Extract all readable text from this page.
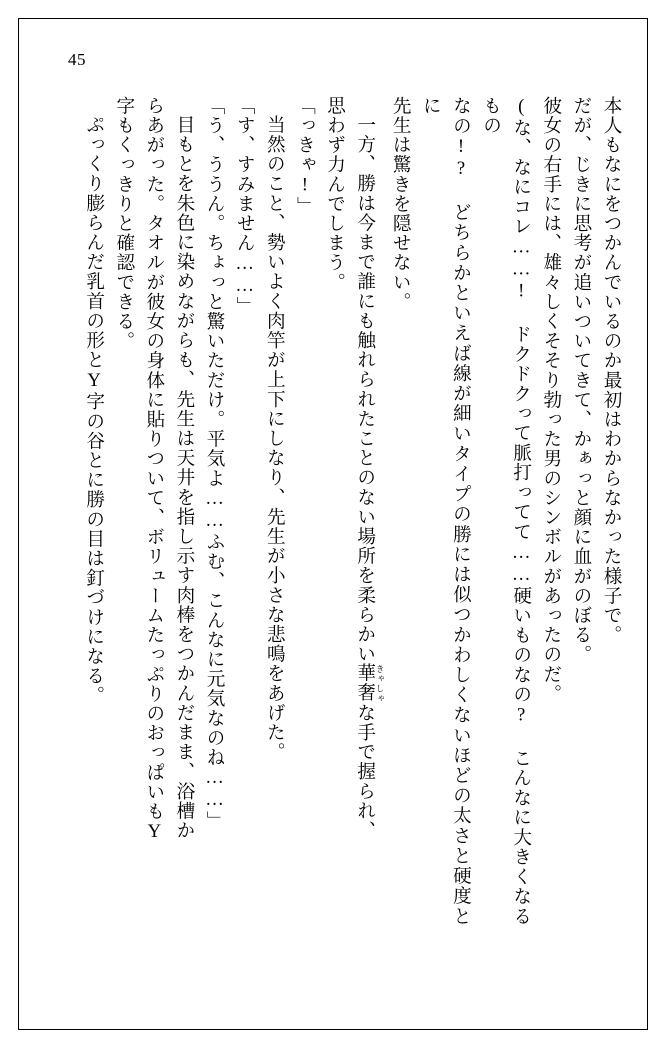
45

本人もなにをつかんでいるのか最初はわからなかった様子で。

だが、じきに思考が追いついてきて、かぁっと顔に血がのぼる。

彼女の右手には、雄々しくそそり勃った男のシンボルがあったのだ。

(な、なにコレ……! ドクドクって脈打ってて……硬いものなの? こんなに大きくなるもの

なの!? どちらかといえば線が細いタイプの勝には似つかわしくないほどの太さと硬度とに

先生は驚きを隠せない。

一方、勝は今まで誰にも触れられたことのない場所を柔らかい華奢 きゃしゃな手で握られ、

思わず力んでしまう。

「っきゃ!」

当然のこと、勢いよく肉竿が上下にしなり、先生が小さな悲鳴をあげた。

「す、すみません……」

「う、ううん。ちょっと驚いただけ。平気よ……ふむ、こんなに元気なのね……」

目もとを朱色に染めながらも、先生は天井を指し示す肉棒をつかんだまま、浴槽か

らあがった。タオルが彼女の身体に貼りついて、ボリュームたっぷりのおっぱいもY

字もくっきりと確認できる。

ぷっくり膨らんだ乳首の形とY字の谷とに勝の目は釘づけになる。
